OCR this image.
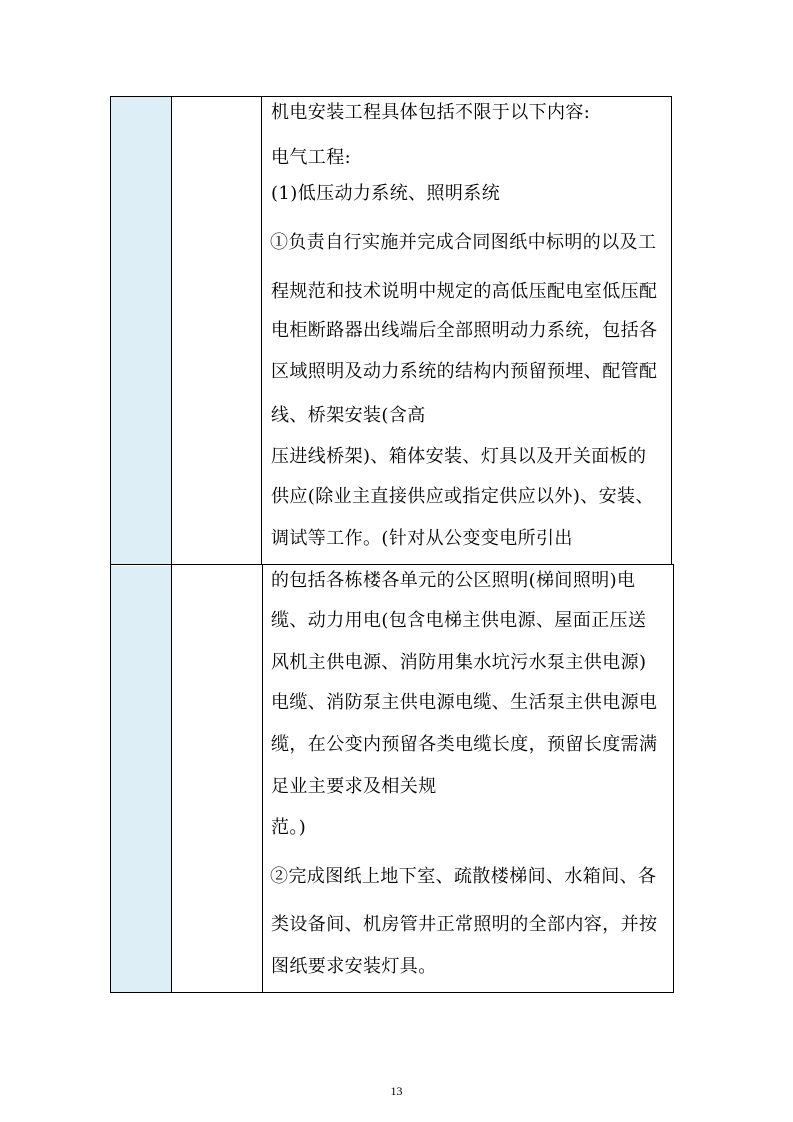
机电安装工程具体包括不限于以下内容:
电气工程:
(1)低压动力系统、照明系统
①负责自行实施并完成合同图纸中标明的以及工
程规范和技术说明中规定的高低压配电室低压配
电柜断路器出线端后全部照明动力系统，包括各
区域照明及动力系统的结构内预留预埋、配管配
线、桥架安装(含高
压进线桥架)、箱体安装、灯具以及开关面板的
供应(除业主直接供应或指定供应以外)、安装、
调试等工作。(针对从公变变电所引出
的包括各栋楼各单元的公区照明(梯间照明)电
缆、动力用电(包含电梯主供电源、屋面正压送
风机主供电源、消防用集水坑污水泵主供电源)
电缆、消防泵主供电源电缆、生活泵主供电源电
缆，在公变内预留各类电缆长度，预留长度需满
足业主要求及相关规
范。)
②完成图纸上地下室、疏散楼梯间、水箱间、各
类设备间、机房管井正常照明的全部内容，并按
图纸要求安装灯具。
13
